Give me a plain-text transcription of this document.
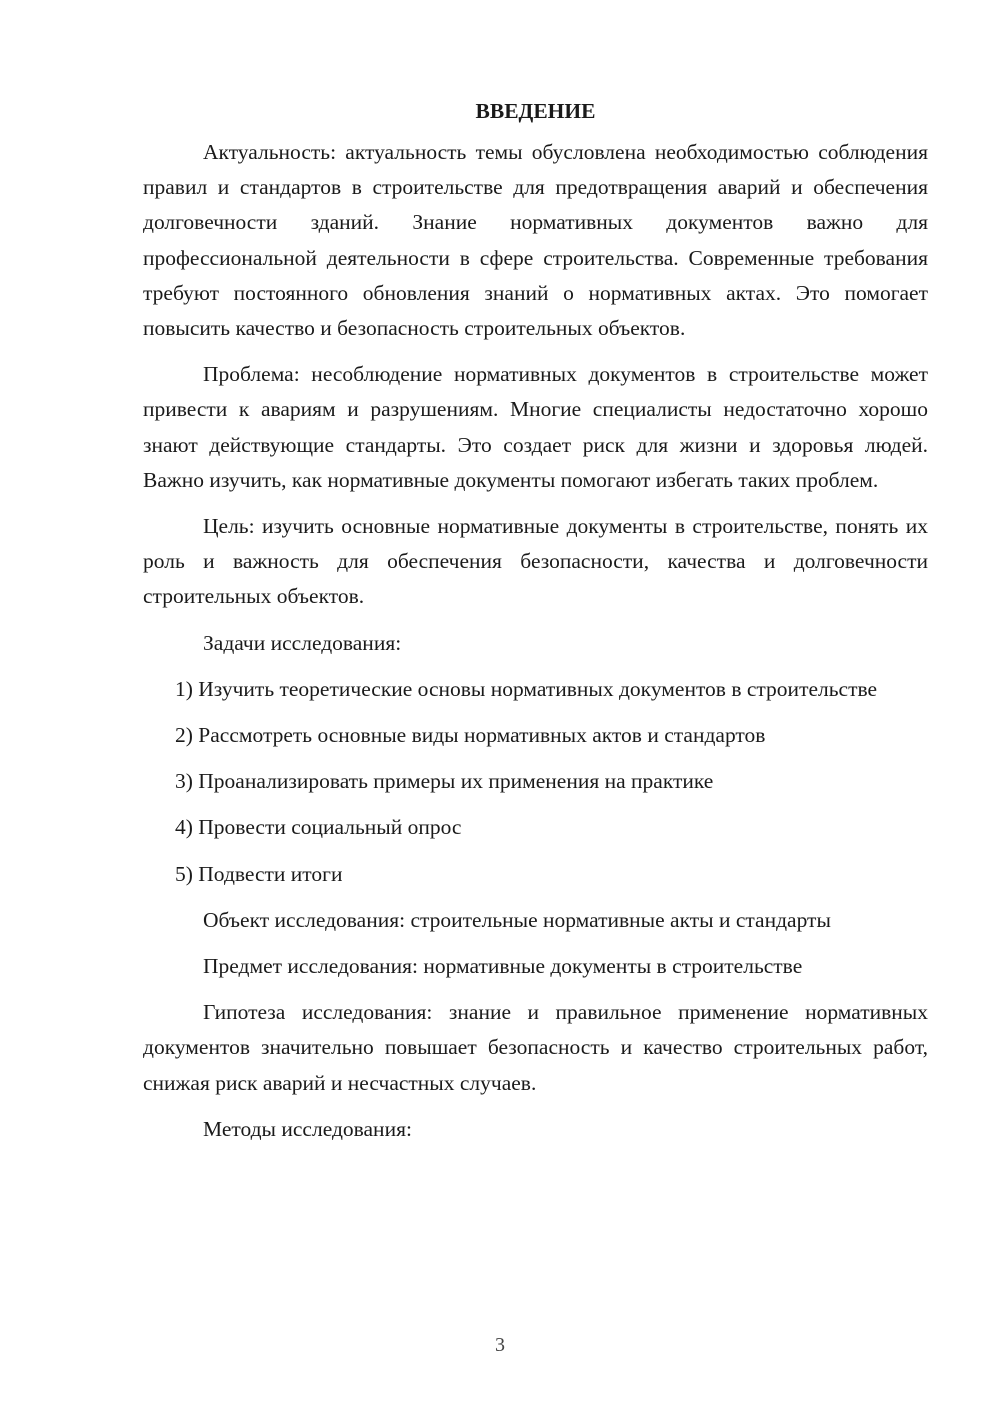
ВВЕДЕНИЕ

Актуальность: актуальность темы обусловлена необходимостью соблюдения правил и стандартов в строительстве для предотвращения аварий и обеспечения долговечности зданий. Знание нормативных документов важно для профессиональной деятельности в сфере строительства. Современные требования требуют постоянного обновления знаний о нормативных актах. Это помогает повысить качество и безопасность строительных объектов.

Проблема: несоблюдение нормативных документов в строительстве может привести к авариям и разрушениям. Многие специалисты недостаточно хорошо знают действующие стандарты. Это создает риск для жизни и здоровья людей. Важно изучить, как нормативные документы помогают избегать таких проблем.

Цель: изучить основные нормативные документы в строительстве, понять их роль и важность для обеспечения безопасности, качества и долговечности строительных объектов.

Задачи исследования:

1) Изучить теоретические основы нормативных документов в строительстве

2) Рассмотреть основные виды нормативных актов и стандартов

3) Проанализировать примеры их применения на практике

4) Провести социальный опрос

5) Подвести итоги

Объект исследования: строительные нормативные акты и стандарты

Предмет исследования: нормативные документы в строительстве

Гипотеза исследования: знание и правильное применение нормативных документов значительно повышает безопасность и качество строительных работ, снижая риск аварий и несчастных случаев.

Методы исследования:

3
